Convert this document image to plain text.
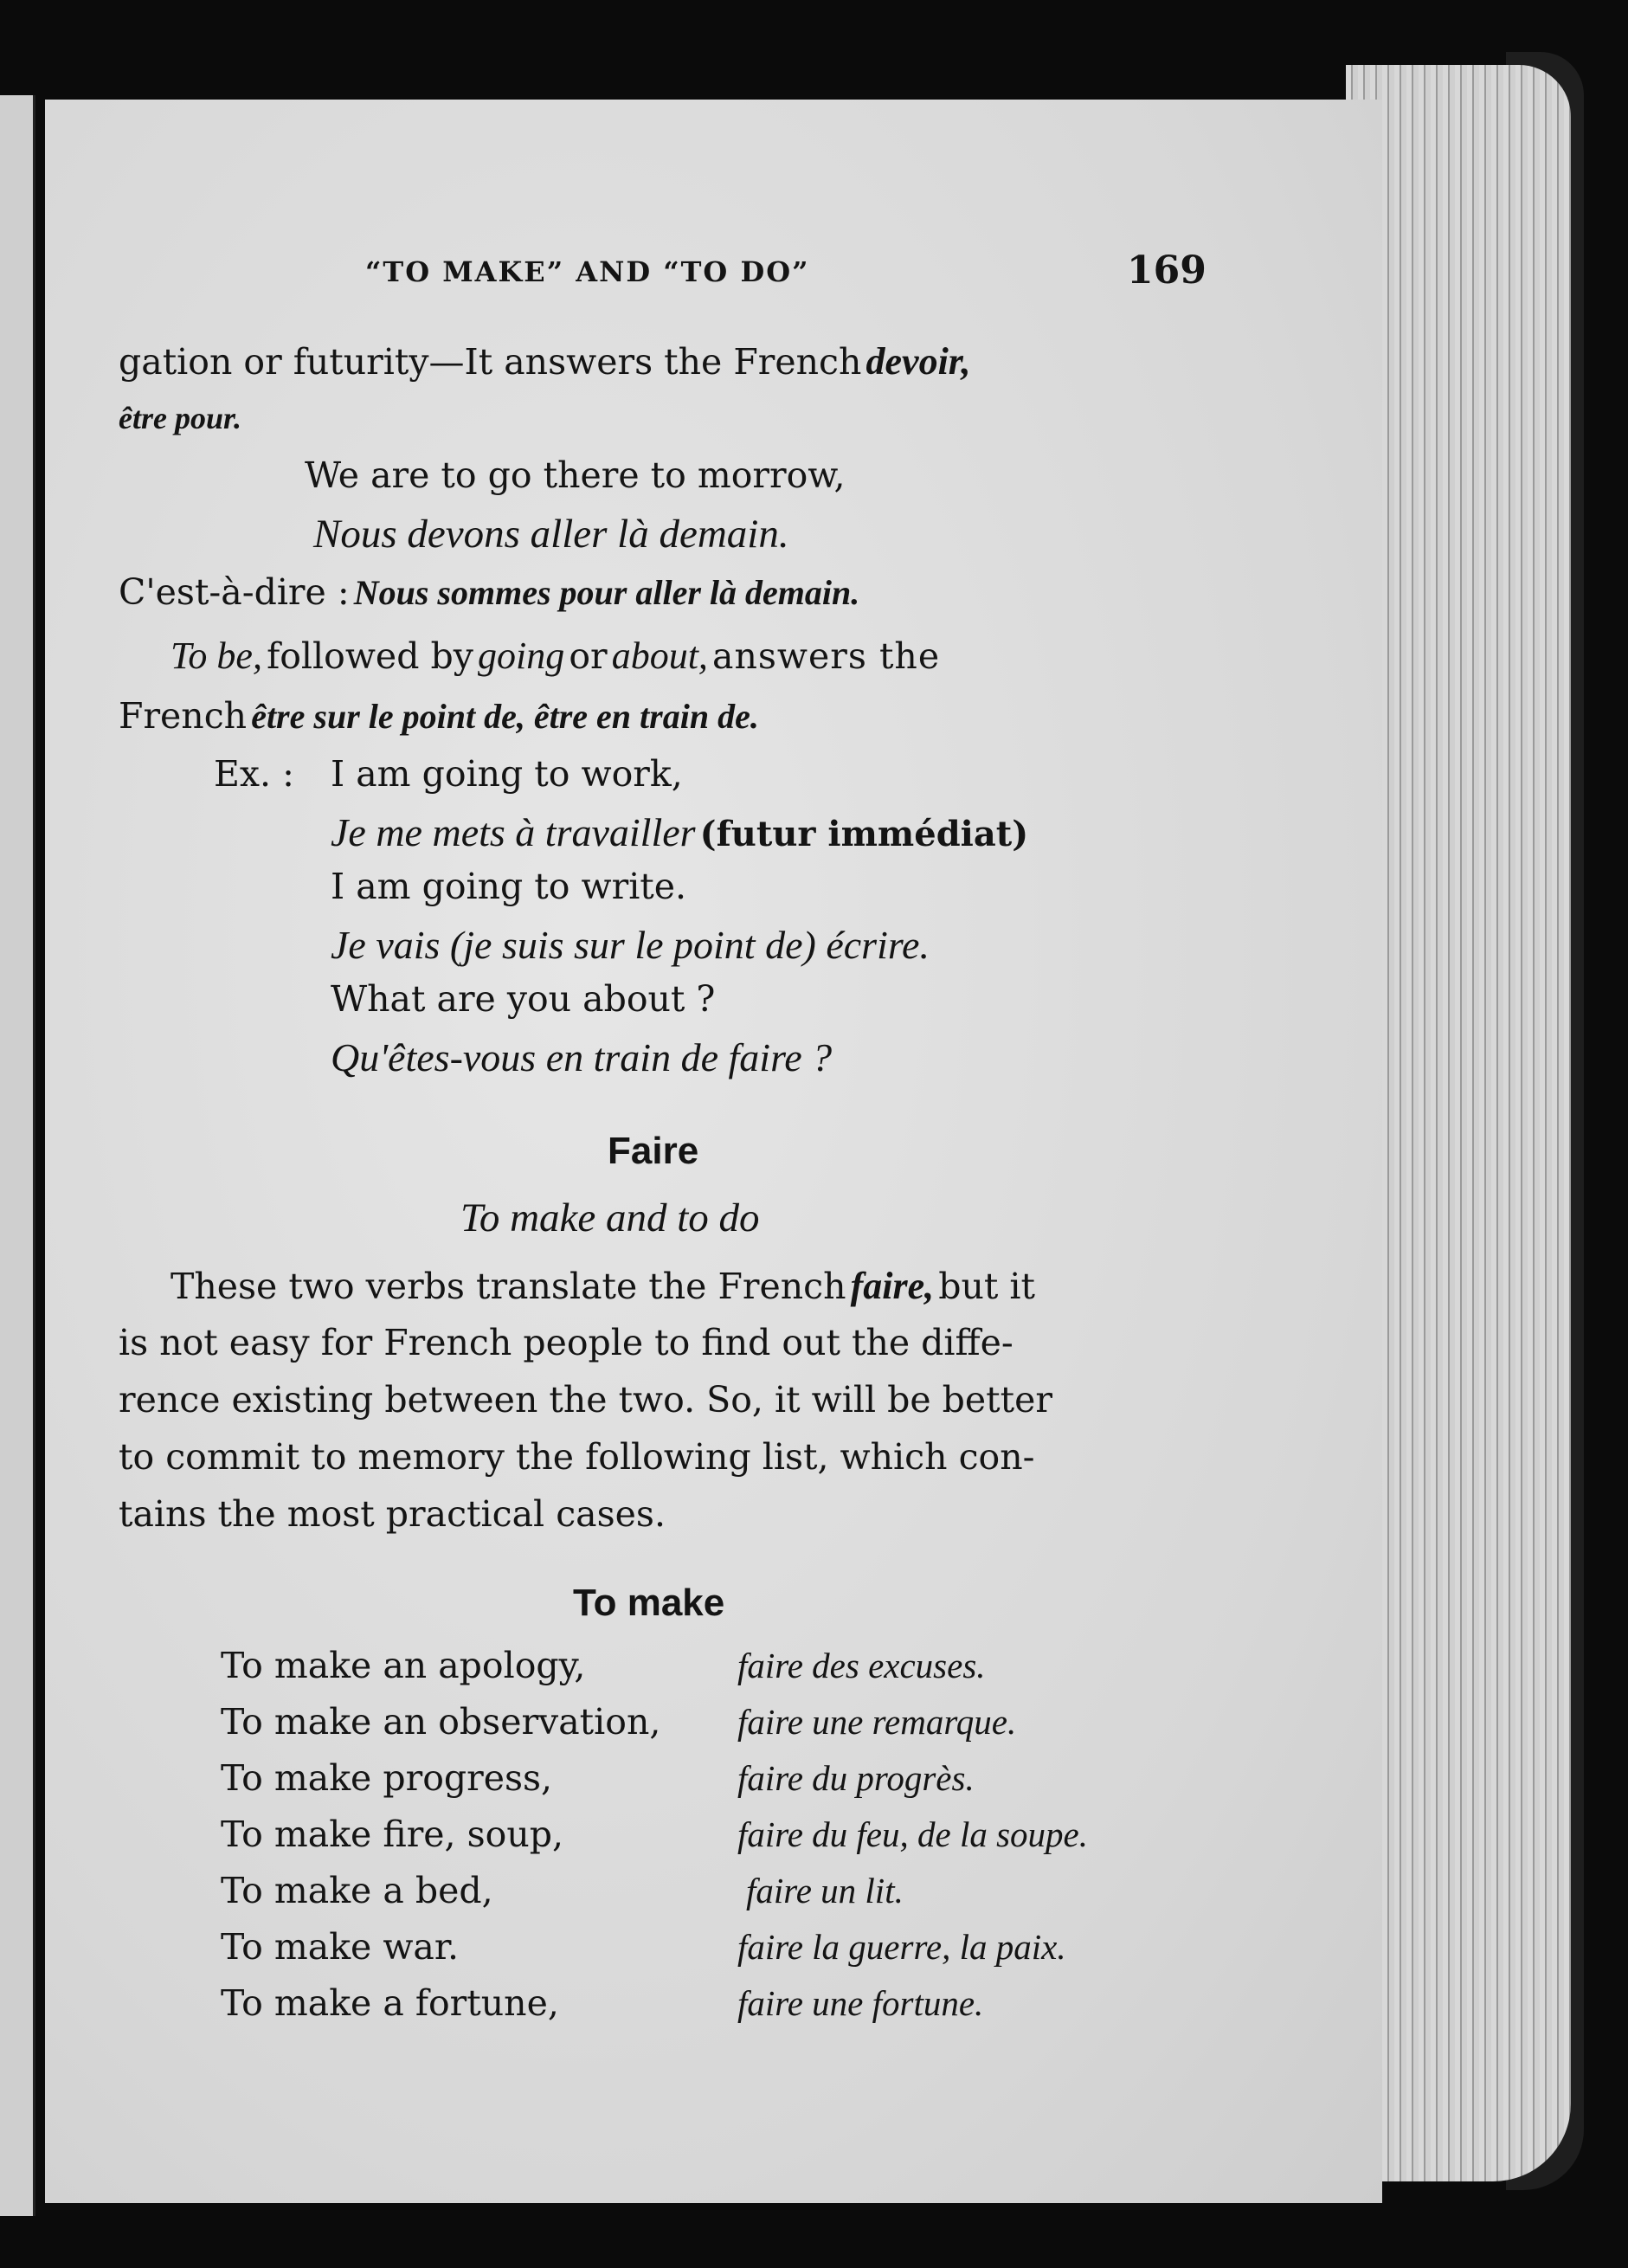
“TO MAKE” AND “TO DO”	169
gation or futurity—It answers the French devoir,
être pour.
We are to go there to morrow,
Nous devons aller là demain.
C'est-à-dire : Nous sommes pour aller là demain.
To be, followed by going or about, answers the
French être sur le point de, être en train de.
Ex. : I am going to work,
Je me mets à travailler (futur immédiat)
I am going to write.
Je vais (je suis sur le point de) écrire.
What are you about ?
Qu'êtes-vous en train de faire ?
Faire
To make and to do
These two verbs translate the French faire, but it
is not easy for French people to find out the diffe-
rence existing between the two. So, it will be better
to commit to memory the following list, which con-
tains the most practical cases.
To make
To make an apology,	faire des excuses.
To make an observation, faire une remarque.
To make progress,	faire du progrès.
To make fire, soup,	faire du feu, de la soupe.
To make a bed,	faire un lit.
To make war.	faire la guerre, la paix.
To make a fortune,	faire une fortune.
